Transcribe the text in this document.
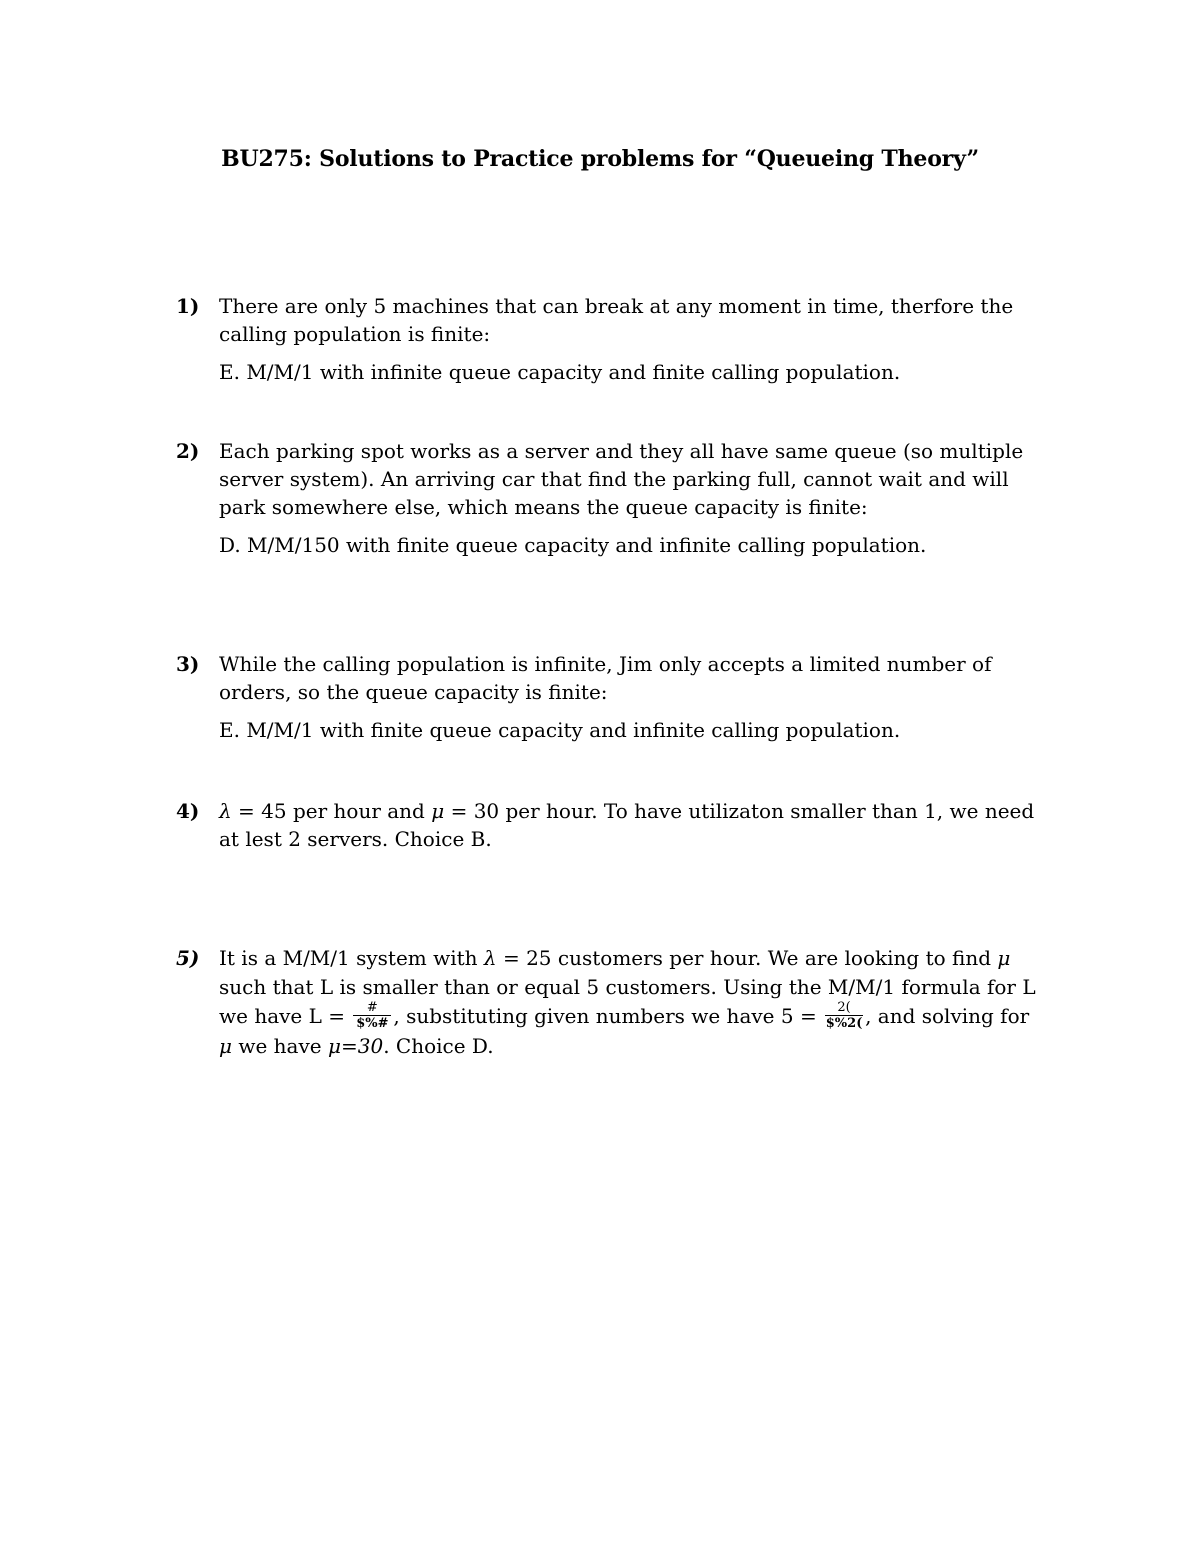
BU275: Solutions to Practice problems for “Queueing Theory”
1) There are only 5 machines that can break at any moment in time, therfore the calling population is finite:
E. M/M/1 with infinite queue capacity and finite calling population.
2) Each parking spot works as a server and they all have same queue (so multiple server system). An arriving car that find the parking full, cannot wait and will park somewhere else, which means the queue capacity is finite:
D. M/M/150 with finite queue capacity and infinite calling population.
3) While the calling population is infinite, Jim only accepts a limited number of orders, so the queue capacity is finite:
E. M/M/1 with finite queue capacity and infinite calling population.
4) λ = 45 per hour and μ = 30 per hour. To have utilizaton smaller than 1, we need at lest 2 servers. Choice B.
5) It is a M/M/1 system with λ = 25 customers per hour. We are looking to find μ such that L is smaller than or equal 5 customers. Using the M/M/1 formula for L we have $L = \frac{\#}{\$\%\#}$ , substituting given numbers we have $5 = \frac{2(}{\$\%2(}$ , and solving for μ we have μ=30. Choice D.
